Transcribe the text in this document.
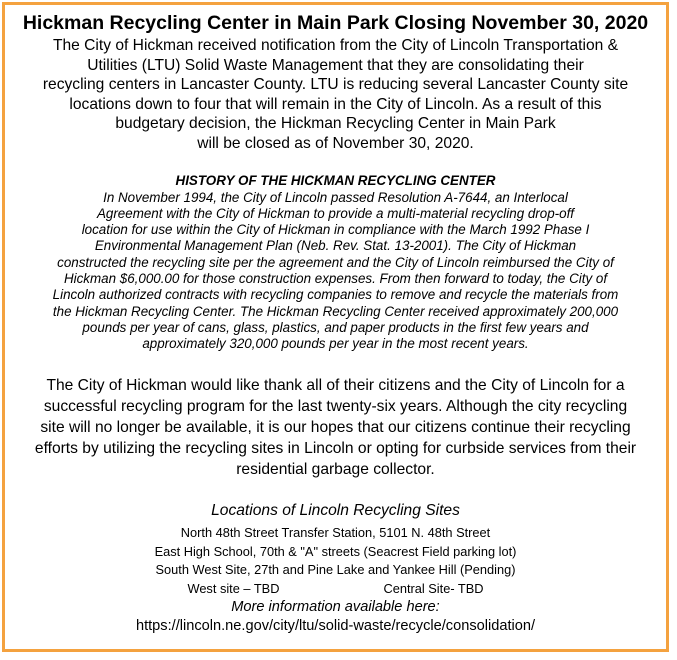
Hickman Recycling Center in Main Park Closing November 30, 2020
The City of Hickman received notification from the City of Lincoln Transportation &
Utilities (LTU) Solid Waste Management that they are consolidating their
recycling centers in Lancaster County. LTU is reducing several Lancaster County site
locations down to four that will remain in the City of Lincoln. As a result of this
budgetary decision, the Hickman Recycling Center in Main Park
will be closed as of November 30, 2020.
HISTORY OF THE HICKMAN RECYCLING CENTER

In November 1994, the City of Lincoln passed Resolution A-7644, an Interlocal
Agreement with the City of Hickman to provide a multi-material recycling drop-off
location for use within the City of Hickman in compliance with the March 1992 Phase I
Environmental Management Plan (Neb. Rev. Stat. 13-2001). The City of Hickman
constructed the recycling site per the agreement and the City of Lincoln reimbursed the City of
Hickman $6,000.00 for those construction expenses. From then forward to today, the City of
Lincoln authorized contracts with recycling companies to remove and recycle the materials from
the Hickman Recycling Center. The Hickman Recycling Center received approximately 200,000
pounds per year of cans, glass, plastics, and paper products in the first few years and
approximately 320,000 pounds per year in the most recent years.

The City of Hickman would like thank all of their citizens and the City of Lincoln for a
successful recycling program for the last twenty-six years. Although the city recycling
site will no longer be available, it is our hopes that our citizens continue their recycling
efforts by utilizing the recycling sites in Lincoln or opting for curbside services from their
residential garbage collector.
Locations of Lincoln Recycling Sites
North 48th Street Transfer Station, 5101 N. 48th Street
East High School, 70th & "A" streets (Seacrest Field parking lot)
South West Site, 27th and Pine Lake and Yankee Hill (Pending)
West site – TBD	Central Site- TBD
More information available here:
https://lincoln.ne.gov/city/ltu/solid-waste/recycle/consolidation/
